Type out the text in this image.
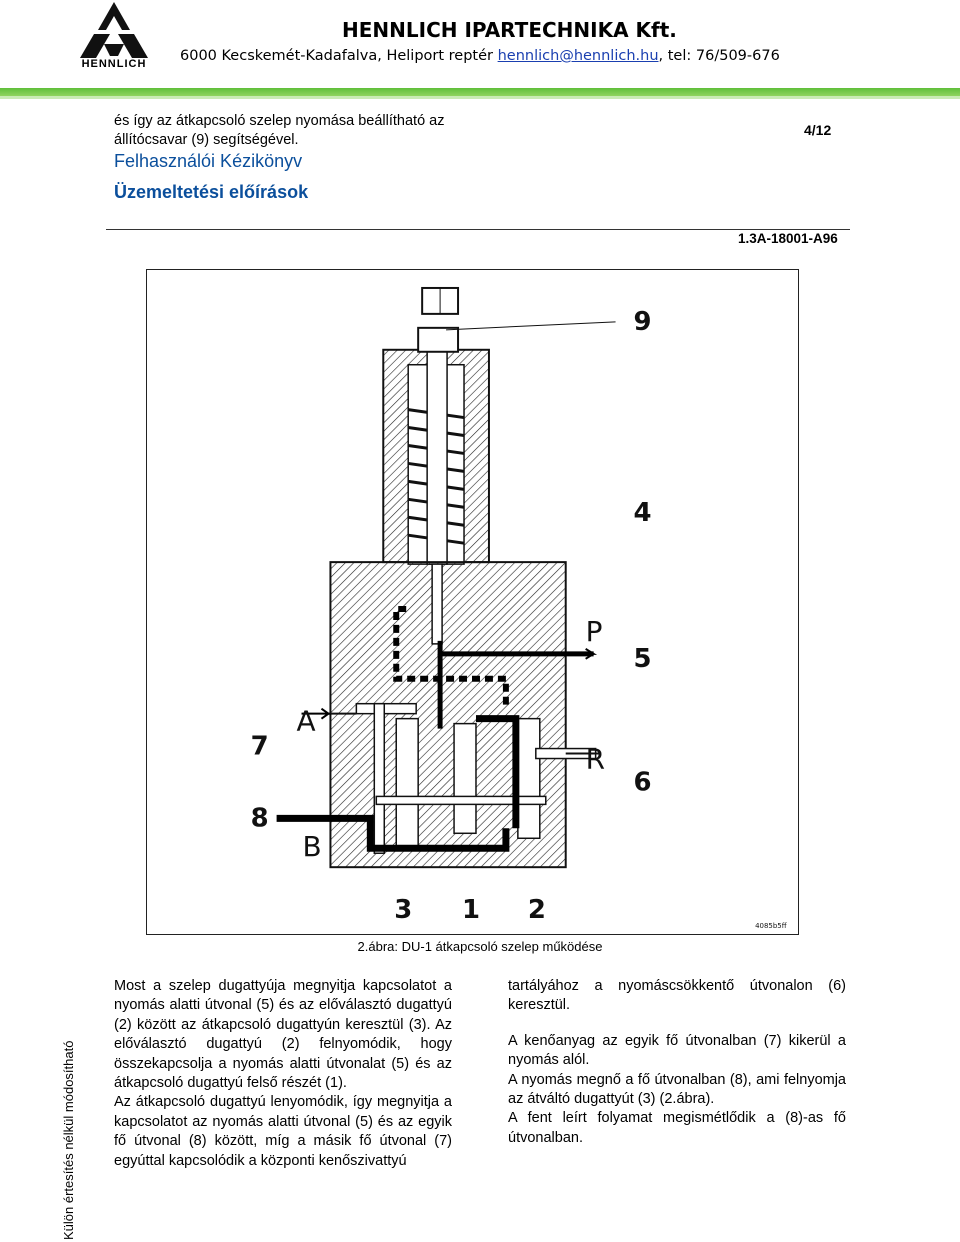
HENNLICH
HENNLICH IPARTECHNIKA Kft.
6000 Kecskemét-Kadafalva, Heliport reptér hennlich@hennlich.hu, tel: 76/509-676
és így az átkapcsoló szelep nyomása beállítható az állítócsavar (9) segítségével.
Felhasználói Kézikönyv
Üzemeltetési előírások
4/12
1.3A-18001-A96
9
4
P
5
A
7	R
6
8
B
3 1 2
4085b5ff
2.ábra: DU-1 átkapcsoló szelep működése

Most a szelep dugattyúja megnyitja kapcsolatot a nyomás alatti útvonal (5) és az előválasztó dugattyú (2) között az átkapcsoló dugattyún keresztül (3). Az előválasztó dugattyú (2) felnyomódik, hogy összekapcsolja a nyomás alatti útvonalat (5) és az átkapcsoló dugattyú felső részét (1).

Az átkapcsoló dugattyú lenyomódik, így megnyitja a kapcsolatot az nyomás alatti útvonal (5) és az egyik fő útvonal (8) között, míg a másik fő útvonal (7) egyúttal kapcsolódik a központi kenőszivattyú

tartályához a nyomáscsökkentő útvonalon (6) keresztül.

A kenőanyag az egyik fő útvonalban (7) kikerül a nyomás alól.

A nyomás megnő a fő útvonalban (8), ami felnyomja az átváltó dugattyút (3) (2.ábra).

A fent leírt folyamat megismétlődik a (8)-as fő útvonalban.

Külön értesítés nélkül módosítható
